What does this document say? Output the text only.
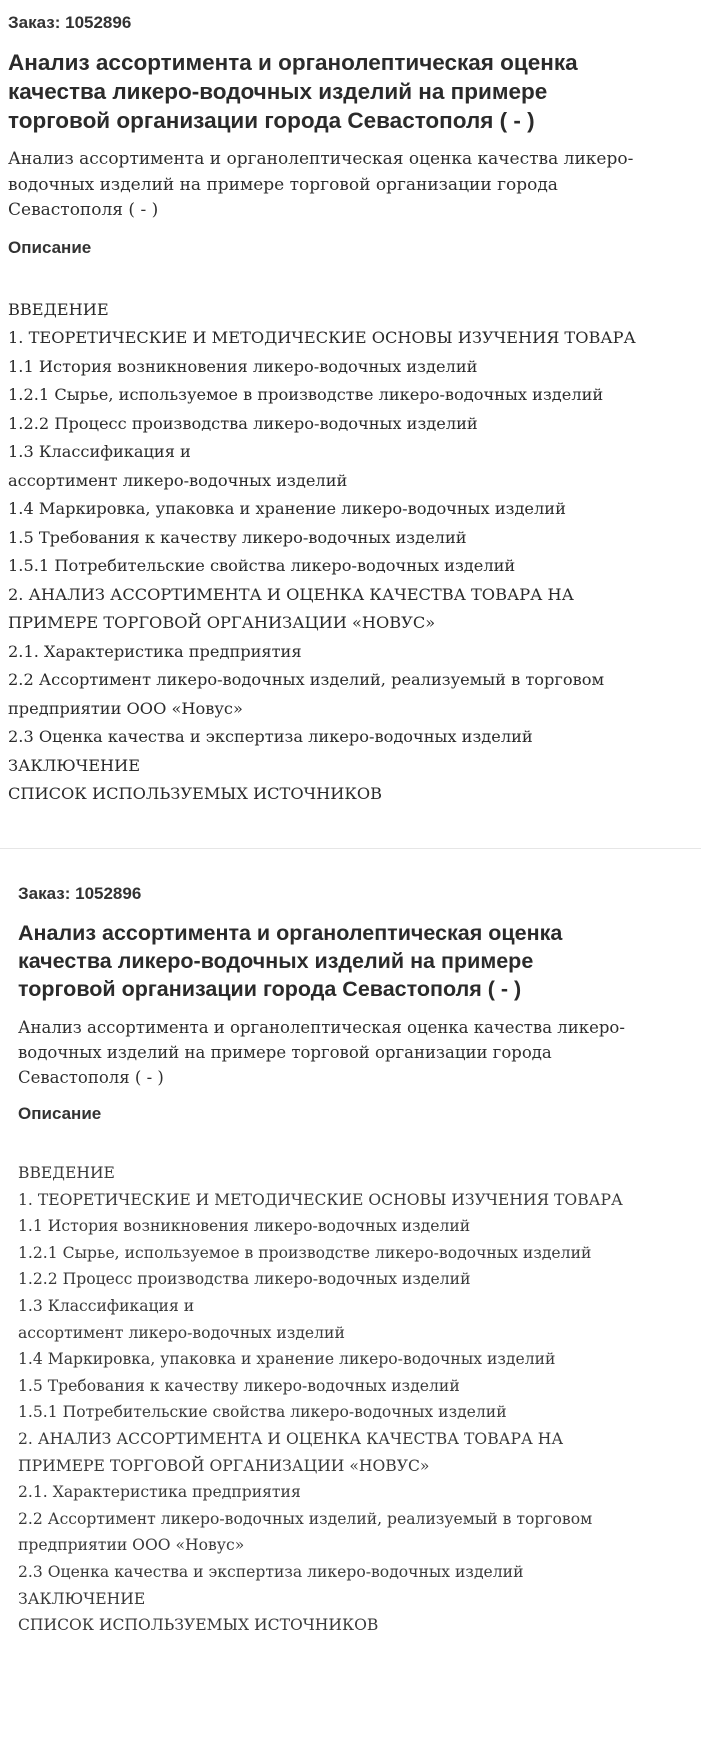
Заказ: 1052896
Анализ ассортимента и органолептическая оценка
качества ликеро-водочных изделий на примере
торговой организации города Севастополя ( - )
Анализ ассортимента и органолептическая оценка качества ликеро-
водочных изделий на примере торговой организации города
Севастополя ( - )
Описание
ВВЕДЕНИЕ
1. ТЕОРЕТИЧЕСКИЕ И МЕТОДИЧЕСКИЕ ОСНОВЫ ИЗУЧЕНИЯ ТОВАРА
1.1 История возникновения ликеро-водочных изделий
1.2.1 Сырье, используемое в производстве ликеро-водочных изделий
1.2.2 Процесс производства ликеро-водочных изделий
1.3 Классификация и
ассортимент ликеро-водочных изделий
1.4 Маркировка, упаковка и хранение ликеро-водочных изделий
1.5 Требования к качеству ликеро-водочных изделий
1.5.1 Потребительские свойства ликеро-водочных изделий
2. АНАЛИЗ АССОРТИМЕНТА И ОЦЕНКА КАЧЕСТВА ТОВАРА НА
ПРИМЕРЕ ТОРГОВОЙ ОРГАНИЗАЦИИ «НОВУС»
2.1. Характеристика предприятия
2.2 Ассортимент ликеро-водочных изделий, реализуемый в торговом
предприятии ООО «Новус»
2.3 Оценка качества и экспертиза ликеро-водочных изделий
ЗАКЛЮЧЕНИЕ
СПИСОК ИСПОЛЬЗУЕМЫХ ИСТОЧНИКОВ
Заказ: 1052896
Анализ ассортимента и органолептическая оценка
качества ликеро-водочных изделий на примере
торговой организации города Севастополя ( - )
Анализ ассортимента и органолептическая оценка качества ликеро-
водочных изделий на примере торговой организации города
Севастополя ( - )
Описание
ВВЕДЕНИЕ
1. ТЕОРЕТИЧЕСКИЕ И МЕТОДИЧЕСКИЕ ОСНОВЫ ИЗУЧЕНИЯ ТОВАРА
1.1 История возникновения ликеро-водочных изделий
1.2.1 Сырье, используемое в производстве ликеро-водочных изделий
1.2.2 Процесс производства ликеро-водочных изделий
1.3 Классификация и
ассортимент ликеро-водочных изделий
1.4 Маркировка, упаковка и хранение ликеро-водочных изделий
1.5 Требования к качеству ликеро-водочных изделий
1.5.1 Потребительские свойства ликеро-водочных изделий
2. АНАЛИЗ АССОРТИМЕНТА И ОЦЕНКА КАЧЕСТВА ТОВАРА НА
ПРИМЕРЕ ТОРГОВОЙ ОРГАНИЗАЦИИ «НОВУС»
2.1. Характеристика предприятия
2.2 Ассортимент ликеро-водочных изделий, реализуемый в торговом
предприятии ООО «Новус»
2.3 Оценка качества и экспертиза ликеро-водочных изделий
ЗАКЛЮЧЕНИЕ
СПИСОК ИСПОЛЬЗУЕМЫХ ИСТОЧНИКОВ
